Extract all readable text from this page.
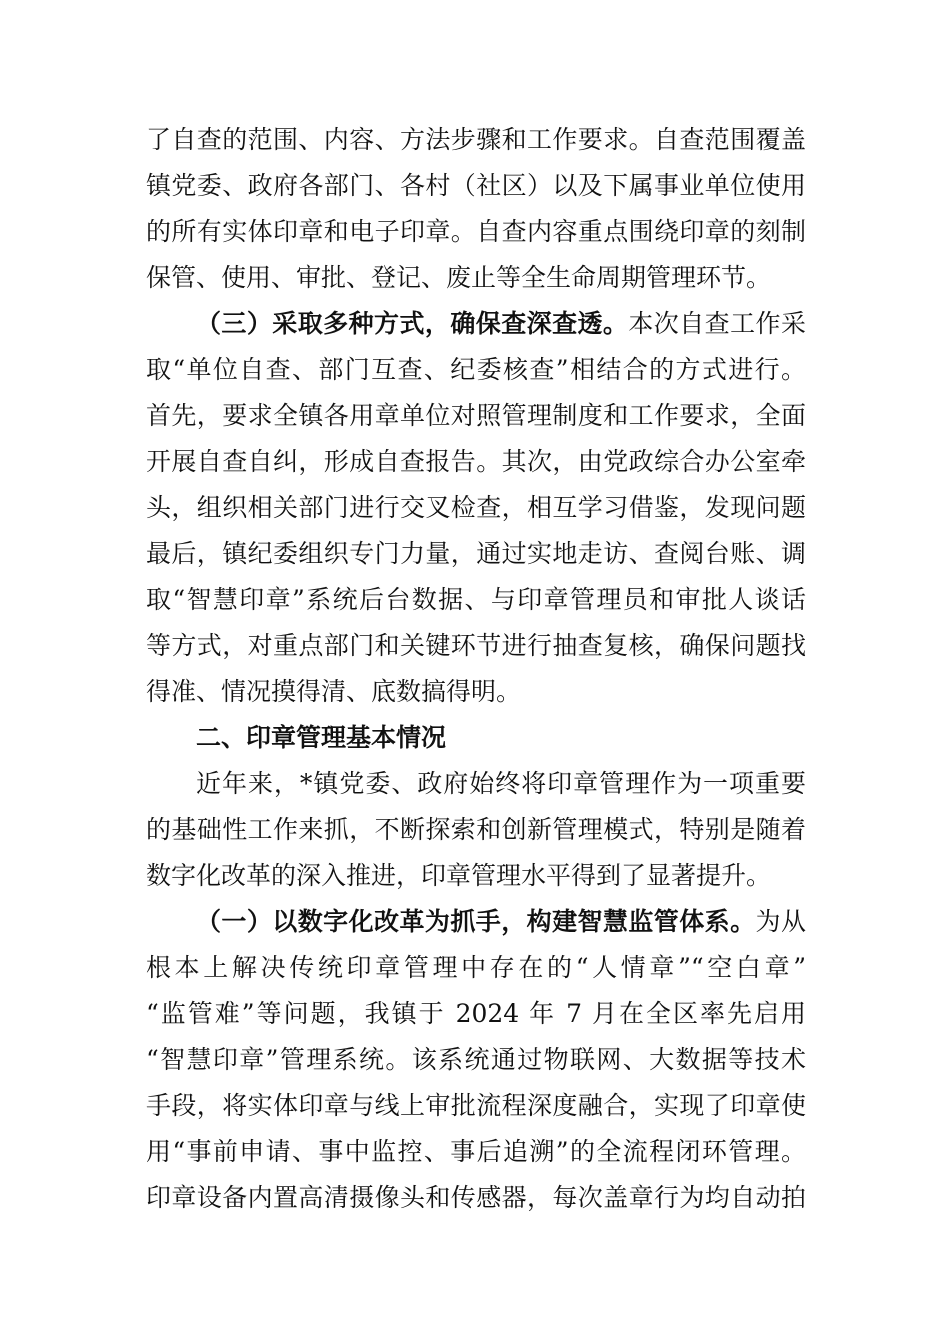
了自查的范围、内容、方法步骤和工作要求。自查范围覆盖
镇党委、政府各部门、各村（社区）以及下属事业单位使用
的所有实体印章和电子印章。自查内容重点围绕印章的刻制
保管、使用、审批、登记、废止等全生命周期管理环节。
（三）采取多种方式，确保查深查透。本次自查工作采
取“单位自查、部门互查、纪委核查”相结合的方式进行。
首先，要求全镇各用章单位对照管理制度和工作要求，全面
开展自查自纠，形成自查报告。其次，由党政综合办公室牵
头，组织相关部门进行交叉检查，相互学习借鉴，发现问题
最后，镇纪委组织专门力量，通过实地走访、查阅台账、调
取“智慧印章”系统后台数据、与印章管理员和审批人谈话
等方式，对重点部门和关键环节进行抽查复核，确保问题找
得准、情况摸得清、底数搞得明。
二、印章管理基本情况
近年来，*镇党委、政府始终将印章管理作为一项重要
的基础性工作来抓，不断探索和创新管理模式，特别是随着
数字化改革的深入推进，印章管理水平得到了显著提升。
（一）以数字化改革为抓手，构建智慧监管体系。为从
根本上解决传统印章管理中存在的“人情章”“空白章”
“监管难”等问题，我镇于 2024 年 7 月在全区率先启用
“智慧印章”管理系统。该系统通过物联网、大数据等技术
手段，将实体印章与线上审批流程深度融合，实现了印章使
用“事前申请、事中监控、事后追溯”的全流程闭环管理。
印章设备内置高清摄像头和传感器，每次盖章行为均自动拍
